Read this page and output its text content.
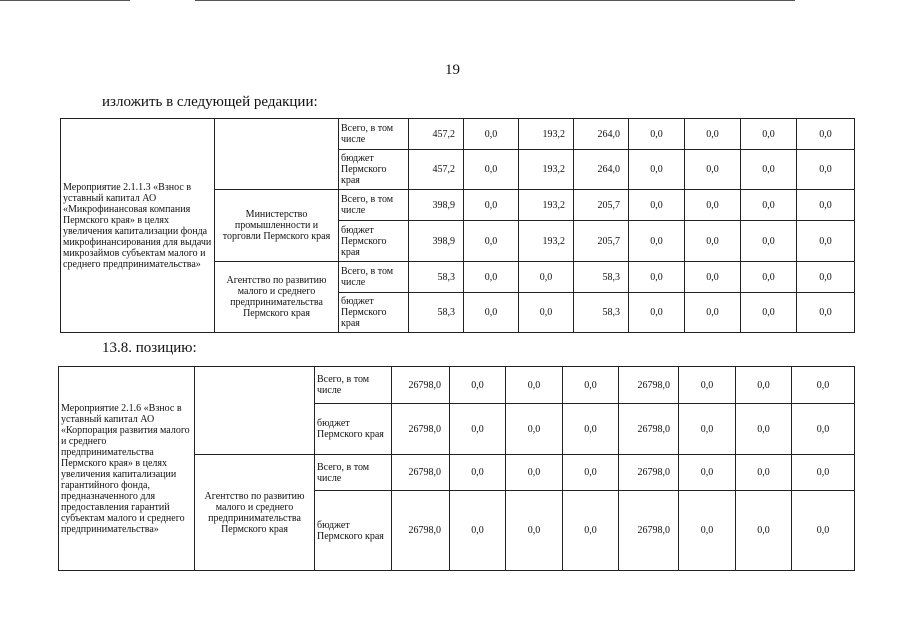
19
изложить в следующей редакции:
Мероприятие 2.1.1.3 «Взнос в уставный капитал АО «Микрофинансовая компания Пермского края» в целях увеличения капитализации фонда микрофинансирования для выдачи микрозаймов субъектам малого и среднего предпринимательства»		Всего, в том числе	457,2	0,0	193,2	264,0	0,0	0,0	0,0	0,0
		бюджет Пермского края	457,2	0,0	193,2	264,0	0,0	0,0	0,0	0,0
	Министерство промышленности и торговли Пермского края	Всего, в том числе	398,9	0,0	193,2	205,7	0,0	0,0	0,0	0,0
		бюджет Пермского края	398,9	0,0	193,2	205,7	0,0	0,0	0,0	0,0
	Агентство по развитию малого и среднего предпринимательства Пермского края	Всего, в том числе	58,3	0,0	0,0	58,3	0,0	0,0	0,0	0,0
		бюджет Пермского края	58,3	0,0	0,0	58,3	0,0	0,0	0,0	0,0
13.8. позицию:
Мероприятие 2.1.6 «Взнос в уставный капитал АО «Корпорация развития малого и среднего предпринимательства Пермского края» в целях увеличения капитализации гарантийного фонда, предназначенного для предоставления гарантий субъектам малого и среднего предпринимательства»		Всего, в том числе	26798,0	0,0	0,0	0,0	26798,0	0,0	0,0	0,0
		бюджет Пермского края	26798,0	0,0	0,0	0,0	26798,0	0,0	0,0	0,0
	Агентство по развитию малого и среднего предпринимательства Пермского края	Всего, в том числе	26798,0	0,0	0,0	0,0	26798,0	0,0	0,0	0,0
		бюджет Пермского края	26798,0	0,0	0,0	0,0	26798,0	0,0	0,0	0,0
